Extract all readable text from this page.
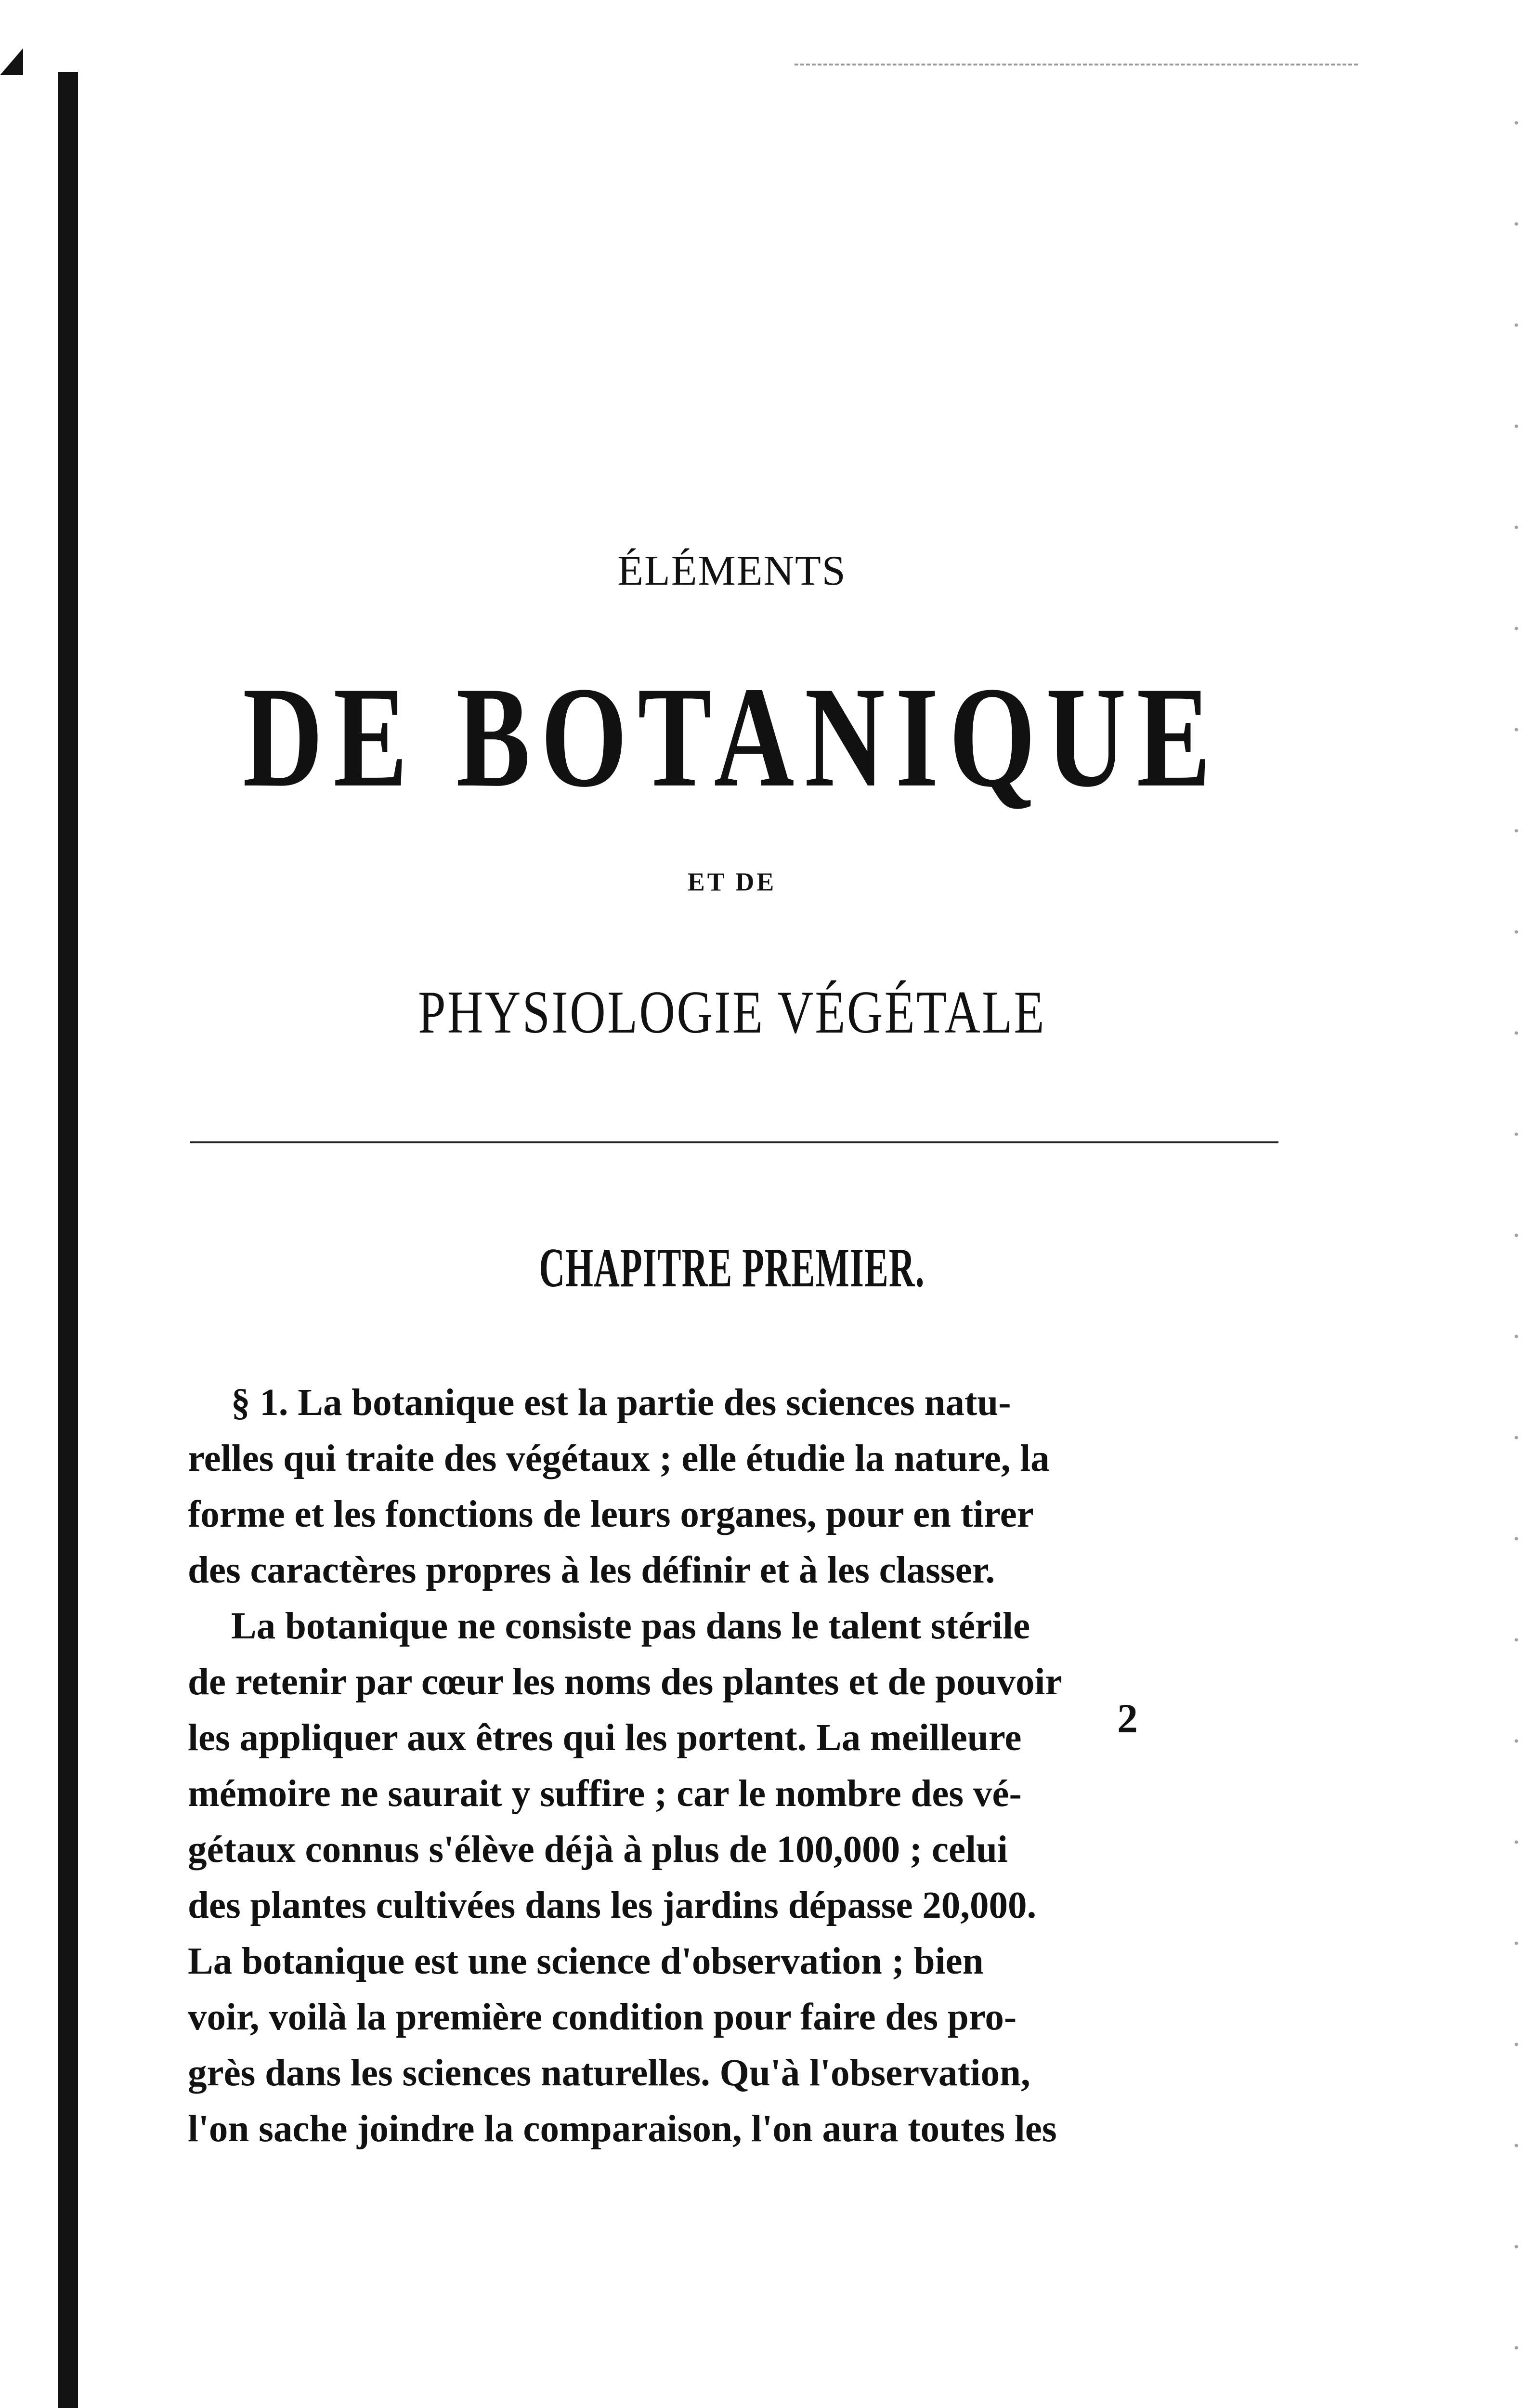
ÉLÉMENTS
DE BOTANIQUE
ET DE
PHYSIOLOGIE VÉGÉTALE
CHAPITRE PREMIER.
§ 1. La botanique est la partie des sciences natu-
relles qui traite des végétaux ; elle étudie la nature, la
forme et les fonctions de leurs organes, pour en tirer
des caractères propres à les définir et à les classer.
La botanique ne consiste pas dans le talent stérile
de retenir par cœur les noms des plantes et de pouvoir
les appliquer aux êtres qui les portent. La meilleure
mémoire ne saurait y suffire ; car le nombre des vé-
gétaux connus s'élève déjà à plus de 100,000 ; celui
des plantes cultivées dans les jardins dépasse 20,000.
La botanique est une science d'observation ; bien
voir, voilà la première condition pour faire des pro-
grès dans les sciences naturelles. Qu'à l'observation,
l'on sache joindre la comparaison, l'on aura toutes les
2
